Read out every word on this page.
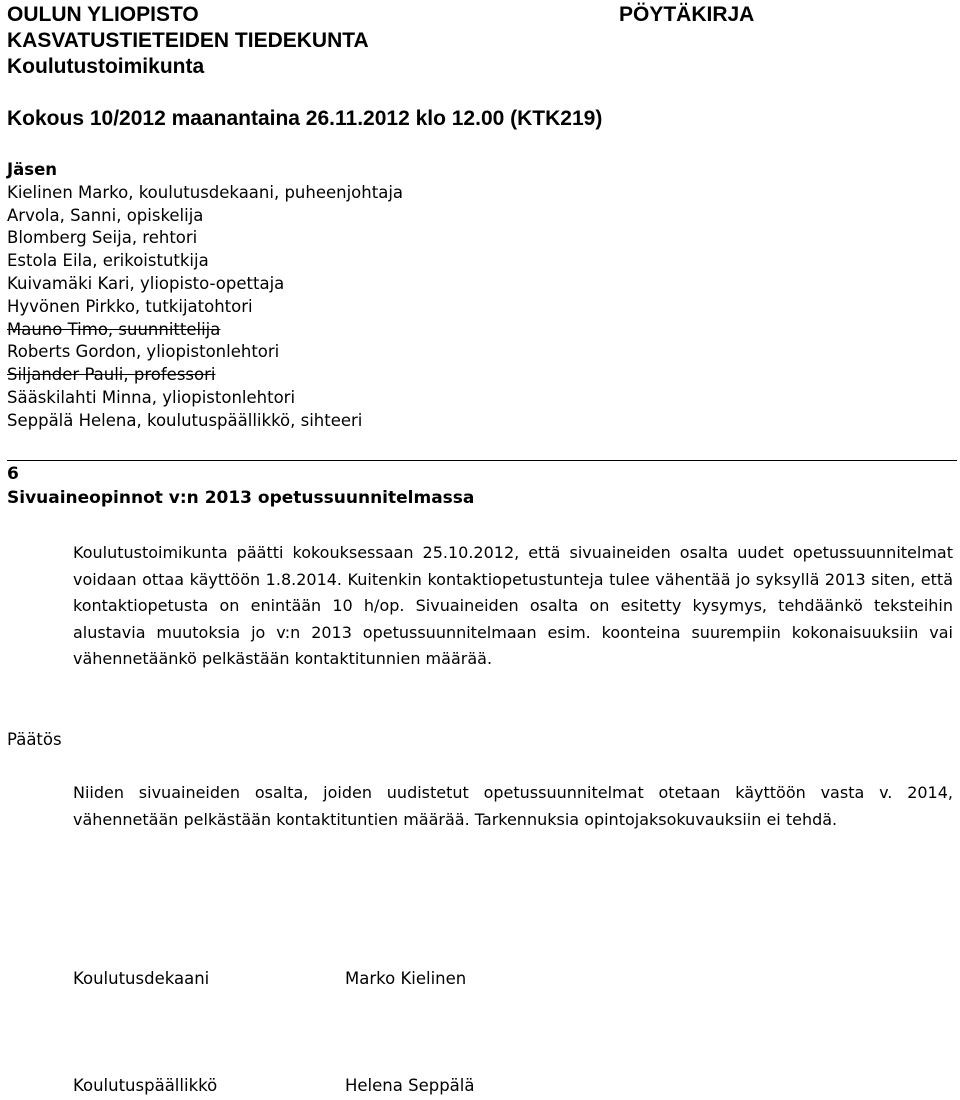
OULUN YLIOPISTO
KASVATUSTIETEIDEN TIEDEKUNTA
Koulutustoimikunta
PÖYTÄKIRJA
Kokous 10/2012 maanantaina 26.11.2012 klo 12.00 (KTK219)
Jäsen
Kielinen Marko, koulutusdekaani, puheenjohtaja
Arvola, Sanni, opiskelija
Blomberg Seija, rehtori
Estola Eila, erikoistutkija
Kuivamäki Kari, yliopisto-opettaja
Hyvönen Pirkko, tutkijatohtori
Mauno Timo, suunnittelija
Roberts Gordon, yliopistonlehtori
Siljander Pauli, professori
Sääskilahti Minna, yliopistonlehtori
Seppälä Helena, koulutuspäällikkö, sihteeri
6
Sivuaineopinnot v:n 2013 opetussuunnitelmassa

Koulutustoimikunta päätti kokouksessaan 25.10.2012, että sivuaineiden osalta uudet opetussuunnitelmat voidaan ottaa käyttöön 1.8.2014. Kuitenkin kontaktiopetustunteja tulee vähentää jo syksyllä 2013 siten, että kontaktiopetusta on enintään 10 h/op. Sivuaineiden osalta on esitetty kysymys, tehdäänkö teksteihin alustavia muutoksia jo v:n 2013 opetussuunnitelmaan esim. koonteina suurempiin kokonaisuuksiin vai vähennetäänkö pelkästään kontaktitunnien määrää.

Päätös

Niiden sivuaineiden osalta, joiden uudistetut opetussuunnitelmat otetaan käyttöön vasta v. 2014, vähennetään pelkästään kontaktituntien määrää. Tarkennuksia opintojaksokuvauksiin ei tehdä.

Koulutusdekaani	Marko Kielinen
Koulutuspäällikkö	Helena Seppälä
